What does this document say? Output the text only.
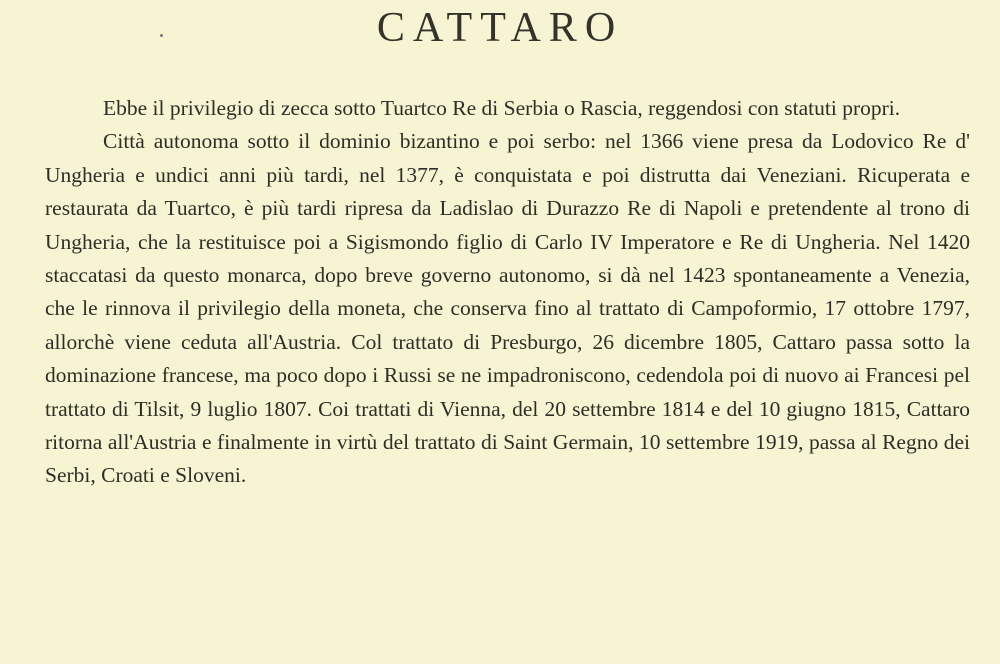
CATTARO

Ebbe il privilegio di zecca sotto Tuartco Re di Serbia o Rascia, reggendosi con statuti propri.

Città autonoma sotto il dominio bizantino e poi serbo: nel 1366 viene presa da Lodovico Re d' Ungheria e undici anni più tardi, nel 1377, è conquistata e poi distrutta dai Veneziani. Ricuperata e restaurata da Tuartco, è più tardi ripresa da Ladislao di Durazzo Re di Napoli e pretendente al trono di Ungheria, che la restituisce poi a Sigismondo figlio di Carlo IV Imperatore e Re di Ungheria. Nel 1420 staccatasi da questo monarca, dopo breve governo autonomo, si dà nel 1423 spontaneamente a Venezia, che le rinnova il privilegio della moneta, che conserva fino al trattato di Campoformio, 17 ottobre 1797, allorchè viene ceduta all'Austria. Col trattato di Presburgo, 26 dicembre 1805, Cattaro passa sotto la dominazione francese, ma poco dopo i Russi se ne impadroniscono, cedendola poi di nuovo ai Francesi pel trattato di Tilsit, 9 luglio 1807. Coi trattati di Vienna, del 20 settembre 1814 e del 10 giugno 1815, Cattaro ritorna all'Austria e finalmente in virtù del trattato di Saint Germain, 10 settembre 1919, passa al Regno dei Serbi, Croati e Sloveni.
